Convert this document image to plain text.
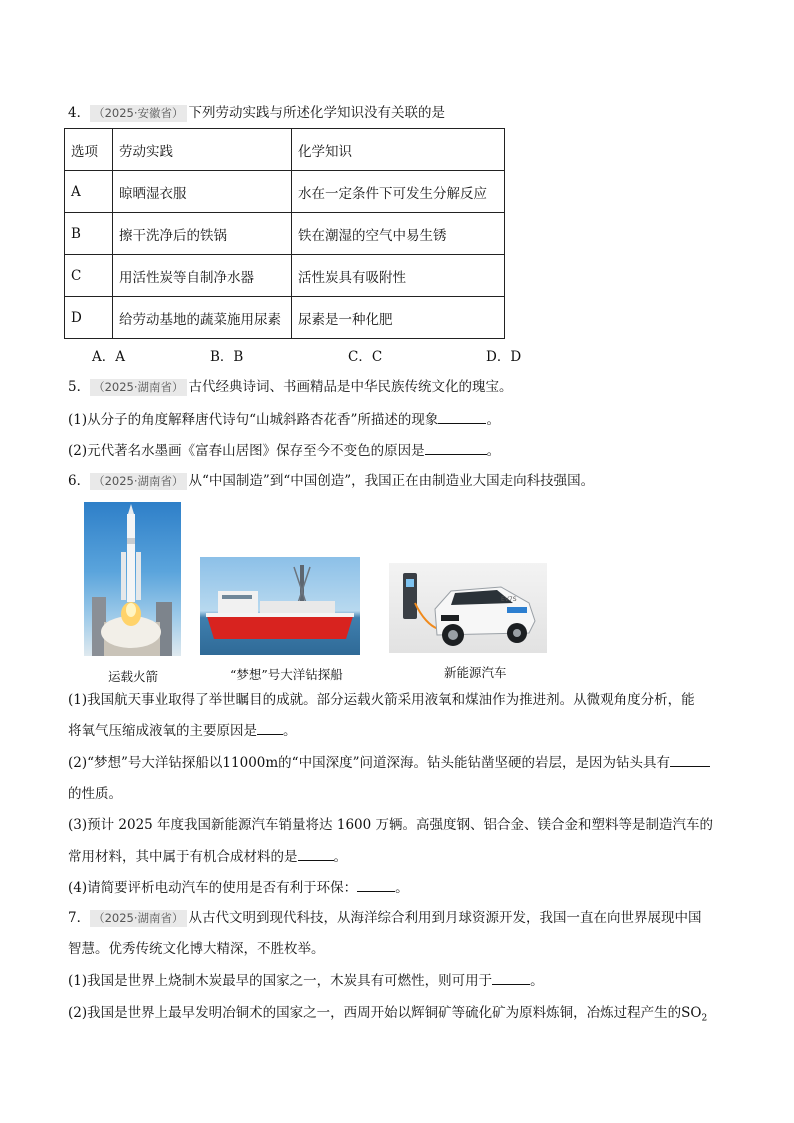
4． （2025·安徽省） 下列劳动实践与所述化学知识没有关联的是
选项	劳动实践	化学知识
A	晾晒湿衣服	水在一定条件下可发生分解反应
B	擦干洗净后的铁锅	铁在潮湿的空气中易生锈
C	用活性炭等自制净水器	活性炭具有吸附性
D	给劳动基地的蔬菜施用尿素	尿素是一种化肥
A．A	B．B	C．C	D．D
5． （2025·湖南省） 古代经典诗词、书画精品是中华民族传统文化的瑰宝。
(1)从分子的角度解释唐代诗句“山城斜路杏花香”所描述的现象	。
(2)元代著名水墨画《富春山居图》保存至今不变色的原因是	。
6． （2025·湖南省） 从“中国制造”到“中国创造”，我国正在由制造业大国走向科技强国。
运载火箭	“梦想”号大洋钻探船
EV7S
新能源汽车
(1)我国航天事业取得了举世瞩目的成就。部分运载火箭采用液氧和煤油作为推进剂。从微观角度分析，能
将氧气压缩成液氧的主要原因是 。
(2)“梦想”号大洋钻探船以11000m的“中国深度”问道深海。钻头能钻凿坚硬的岩层，是因为钻头具有
的性质。
(3)预计 2025 年度我国新能源汽车销量将达 1600 万辆。高强度钢、铝合金、镁合金和塑料等是制造汽车的
常用材料，其中属于有机合成材料的是	。
(4)请简要评析电动汽车的使用是否有利于环保：	。
7． （2025·湖南省） 从古代文明到现代科技，从海洋综合利用到月球资源开发，我国一直在向世界展现中国
智慧。优秀传统文化博大精深，不胜枚举。
(1)我国是世界上烧制木炭最早的国家之一，木炭具有可燃性，则可用于	。
(2)我国是世界上最早发明冶铜术的国家之一，西周开始以辉铜矿等硫化矿为原料炼铜，冶炼过程产生的$SO_2$
